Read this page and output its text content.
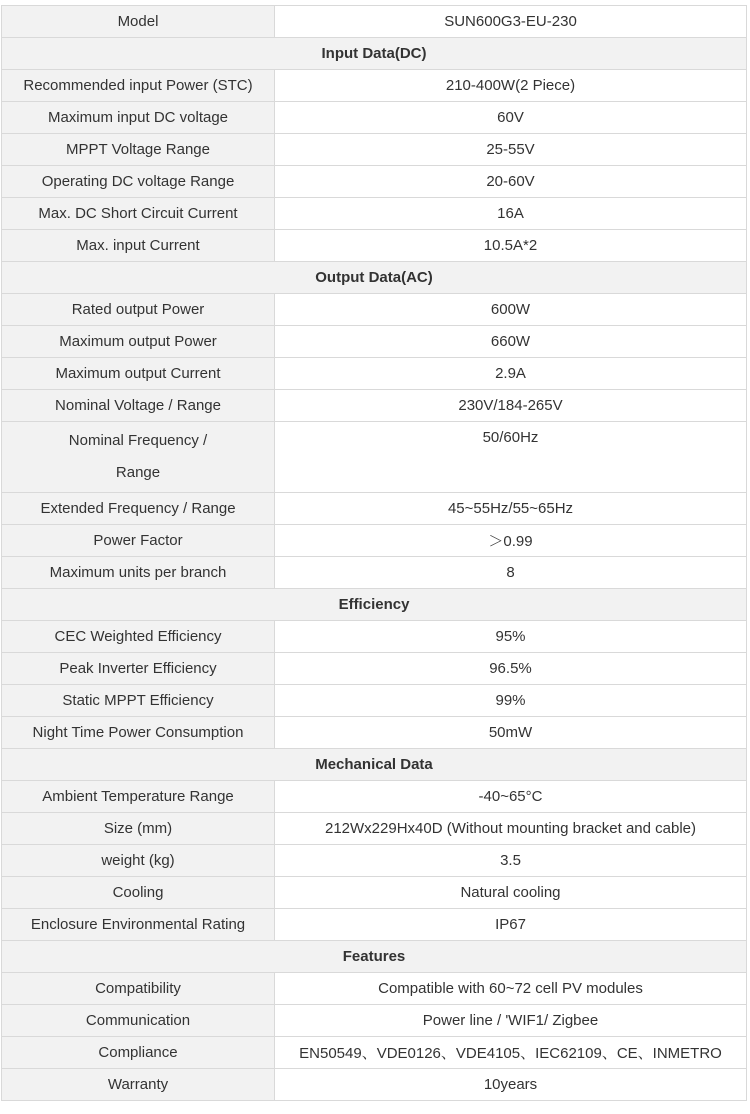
Model	SUN600G3-EU-230
Input Data(DC)	
Recommended input Power (STC)	210-400W(2 Piece)
Maximum input DC voltage	60V
MPPT Voltage Range	25-55V
Operating DC voltage Range	20-60V
Max. DC Short Circuit Current	16A
Max. input Current	10.5A*2
Output Data(AC)	
Rated output Power	600W
Maximum output Power	660W
Maximum output Current	2.9A
Nominal Voltage / Range	230V/184-265V
Nominal Frequency /
Range	50/60Hz
Extended Frequency / Range	45~55Hz/55~65Hz
Power Factor	＞0.99
Maximum units per branch	8
Efficiency	
CEC Weighted Efficiency	95%
Peak Inverter Efficiency	96.5%
Static MPPT Efficiency	99%
Night Time Power Consumption	50mW
Mechanical Data	
Ambient Temperature Range	-40~65°C
Size (mm)	212Wx229Hx40D (Without mounting bracket and cable)
weight (kg)	3.5
Cooling	Natural cooling
Enclosure Environmental Rating	IP67
Features	
Compatibility	Compatible with 60~72 cell PV modules
Communication	Power line / 'WIF1/ Zigbee
Compliance	EN50549、VDE0126、VDE4105、IEC62109、CE、INMETRO
Warranty	10years
